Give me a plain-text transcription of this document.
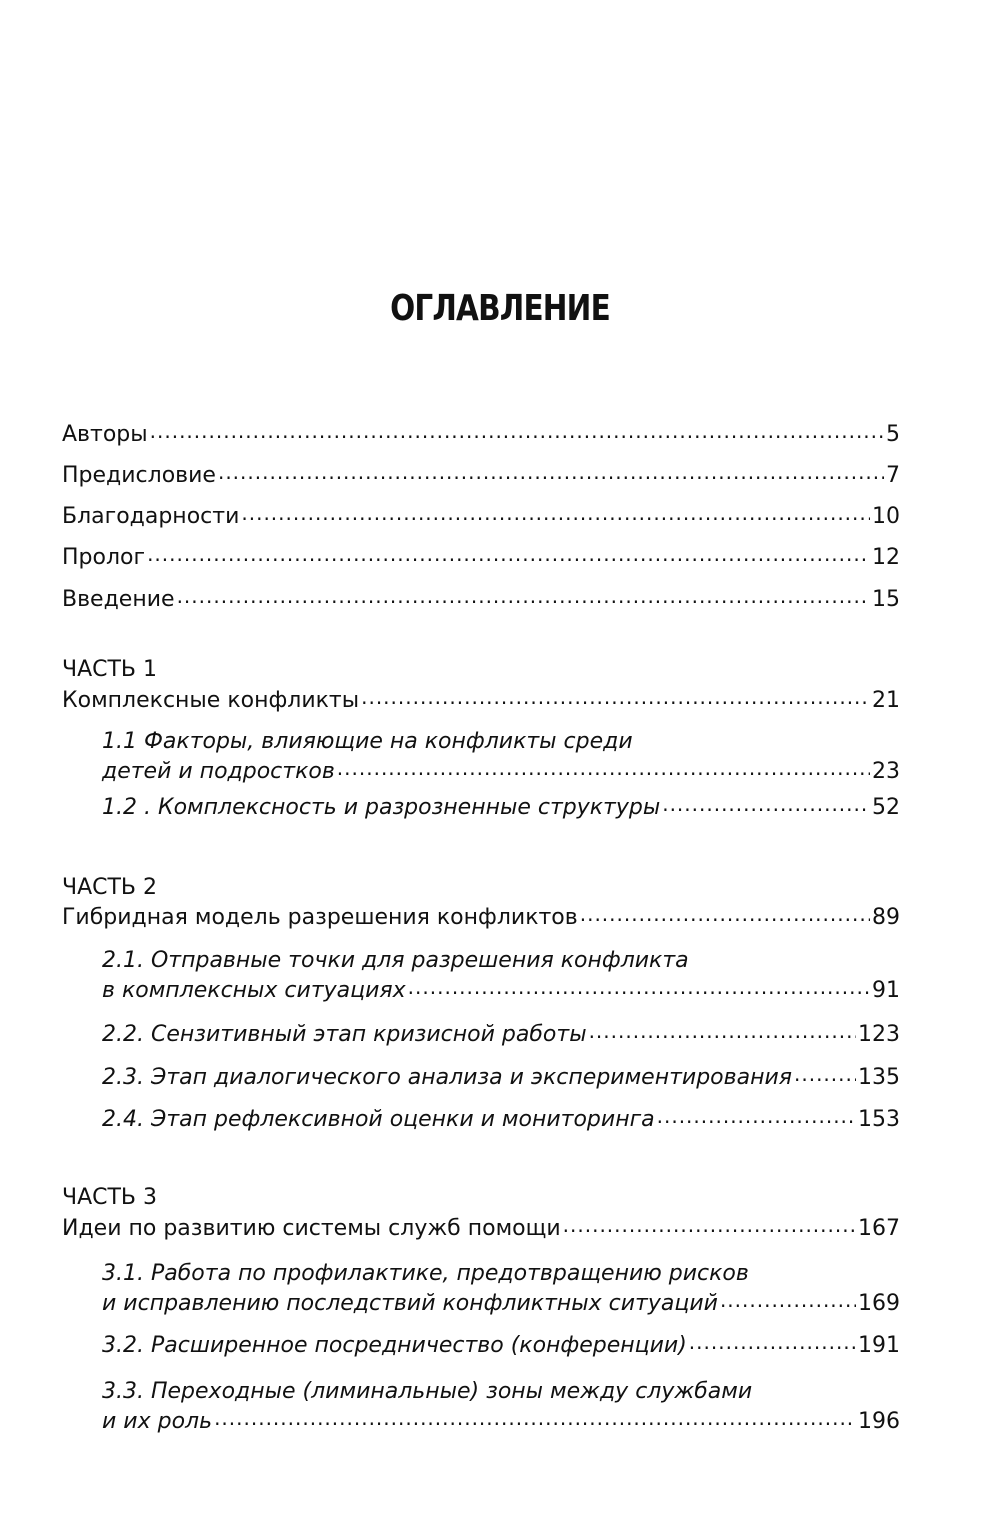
ОГЛАВЛЕНИЕ
Авторы .....	5
Предисловие .....	7
Благодарности .....	10
Пролог .....	12
Введение .....	15
ЧАСТЬ 1
Комплексные конфликты .....	21
1.1 Факторы, влияющие на конфликты среди
детей и подростков .....	23
1.2 . Комплексность и разрозненные структуры .....	52
ЧАСТЬ 2
Гибридная модель разрешения конфликтов .....	89
2.1. Отправные точки для разрешения конфликта
в комплексных ситуациях .....	91
2.2. Сензитивный этап кризисной работы .....	123
2.3. Этап диалогического анализа и экспериментирования .....	135
2.4. Этап рефлексивной оценки и мониторинга .....	153
ЧАСТЬ 3
Идеи по развитию системы служб помощи .....	167
3.1. Работа по профилактике, предотвращению рисков
и исправлению последствий конфликтных ситуаций .....	169
3.2. Расширенное посредничество (конференции) .....	191
3.3. Переходные (лиминальные) зоны между службами
и их роль .....	196
